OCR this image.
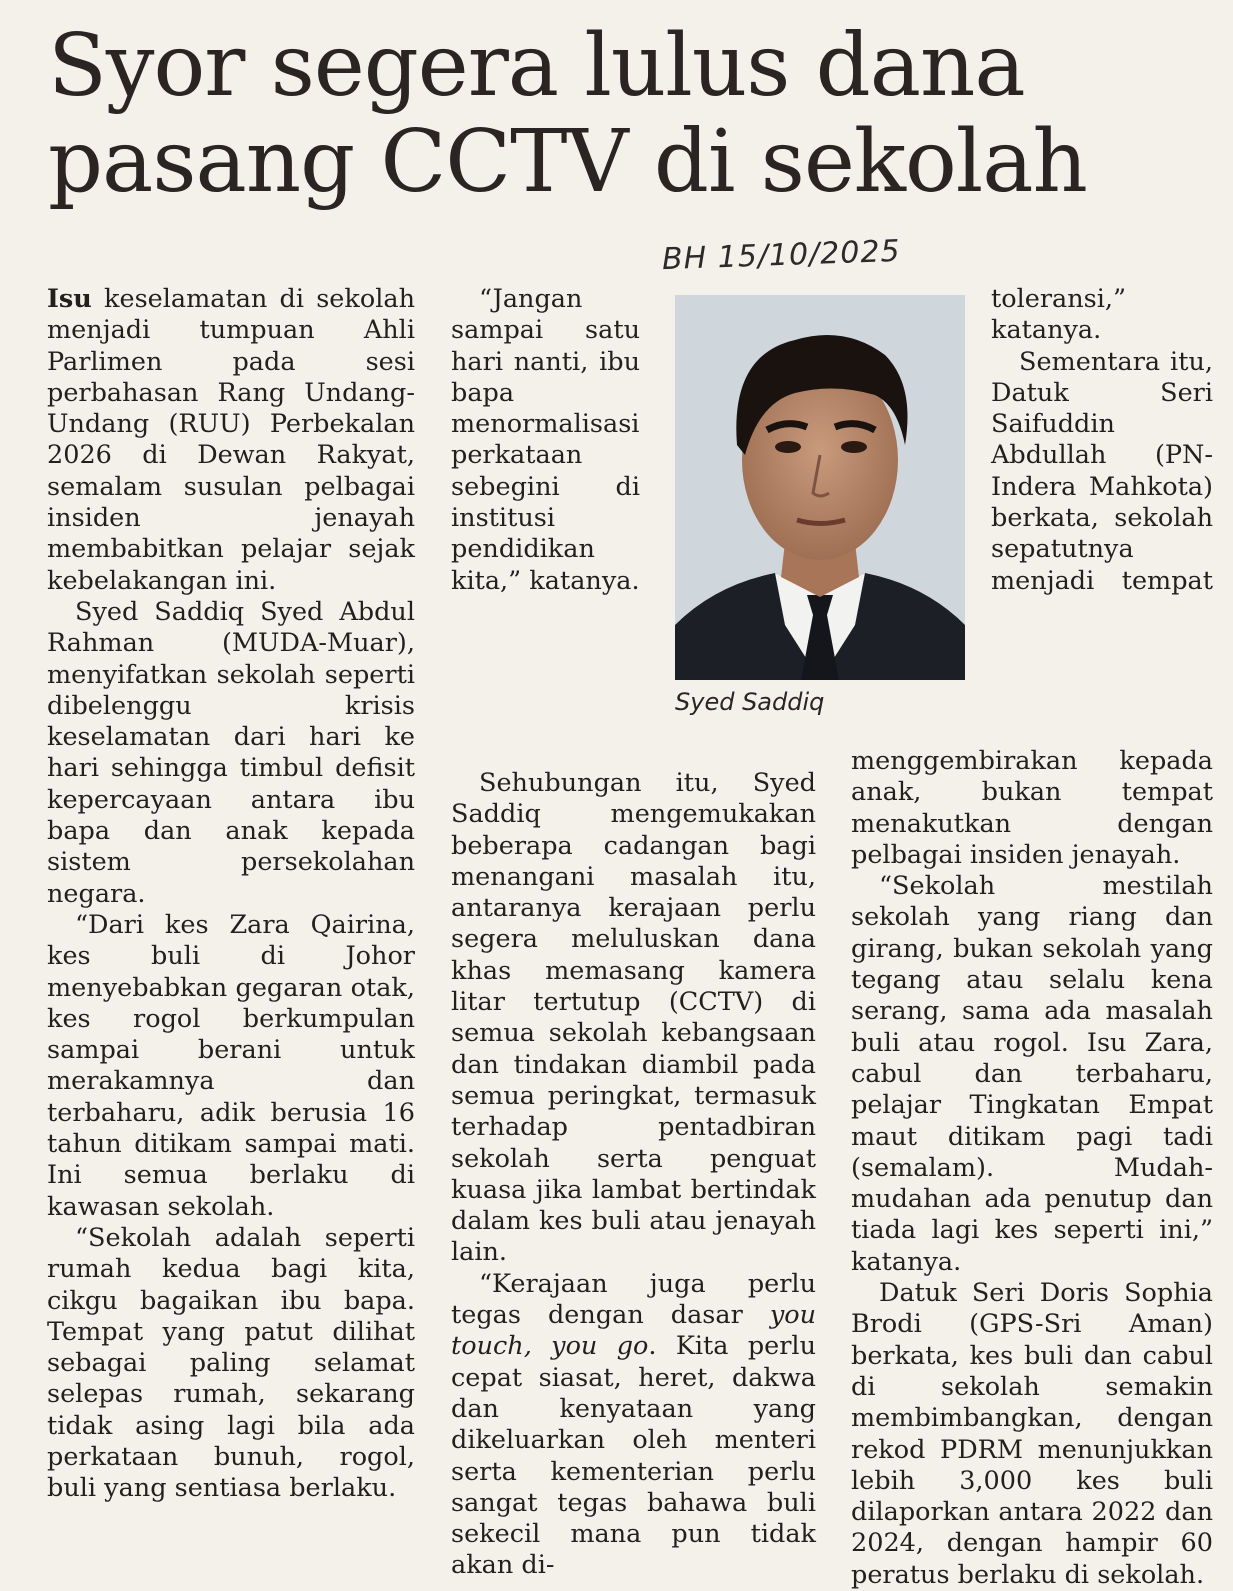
Syor segera lulus dana pasang CCTV di sekolah
BH 15/10/2025

Isu keselamatan di sekolah menjadi tumpuan Ahli Parlimen pada sesi perbahasan Rang Undang-Undang (RUU) Perbekalan 2026 di Dewan Rakyat, semalam susulan pelbagai insiden jenayah membabitkan pelajar sejak kebelakangan ini.

Syed Saddiq Syed Abdul Rahman (MUDA-Muar), menyifatkan sekolah seperti dibelenggu krisis keselamatan dari hari ke hari sehingga timbul defisit kepercayaan antara ibu bapa dan anak kepada sistem persekolahan negara.

“Dari kes Zara Qairina, kes buli di Johor menyebabkan gegaran otak, kes rogol berkumpulan sampai berani untuk merakamnya dan terbaharu, adik berusia 16 tahun ditikam sampai mati. Ini semua berlaku di kawasan sekolah.

“Sekolah adalah seperti rumah kedua bagi kita, cikgu bagaikan ibu bapa. Tempat yang patut dilihat sebagai paling selamat selepas rumah, sekarang tidak asing lagi bila ada perkataan bunuh, rogol, buli yang sentiasa berlaku.

“Jangan sampai satu hari nanti, ibu bapa menormalisasi perkataan sebegini di institusi pendidikan kita,” katanya.

Sehubungan itu, Syed Saddiq mengemukakan beberapa cadangan bagi menangani masalah itu, antaranya kerajaan perlu segera meluluskan dana khas memasang kamera litar tertutup (CCTV) di semua sekolah kebangsaan dan tindakan diambil pada semua peringkat, termasuk terhadap pentadbiran sekolah serta penguat kuasa jika lambat bertindak dalam kes buli atau jenayah lain.

“Kerajaan juga perlu tegas dengan dasar you touch, you go. Kita perlu cepat siasat, heret, dakwa dan kenyataan yang dikeluarkan oleh menteri serta kementerian perlu sangat tegas bahawa buli sekecil mana pun tidak akan di-

toleransi,” katanya.

Sementara itu, Datuk Seri Saifuddin Abdullah (PN-Indera Mahkota) berkata, sekolah sepatutnya menjadi tempat menggembirakan kepada anak, bukan tempat menakutkan dengan pelbagai insiden jenayah.

“Sekolah mestilah sekolah yang riang dan girang, bukan sekolah yang tegang atau selalu kena serang, sama ada masalah buli atau rogol. Isu Zara, cabul dan terbaharu, pelajar Tingkatan Empat maut ditikam pagi tadi (semalam). Mudah-mudahan ada penutup dan tiada lagi kes seperti ini,” katanya.

Datuk Seri Doris Sophia Brodi (GPS-Sri Aman) berkata, kes buli dan cabul di sekolah semakin membimbangkan, dengan rekod PDRM menunjukkan lebih 3,000 kes buli dilaporkan antara 2022 dan 2024, dengan hampir 60 peratus berlaku di sekolah.

Syed Saddiq
